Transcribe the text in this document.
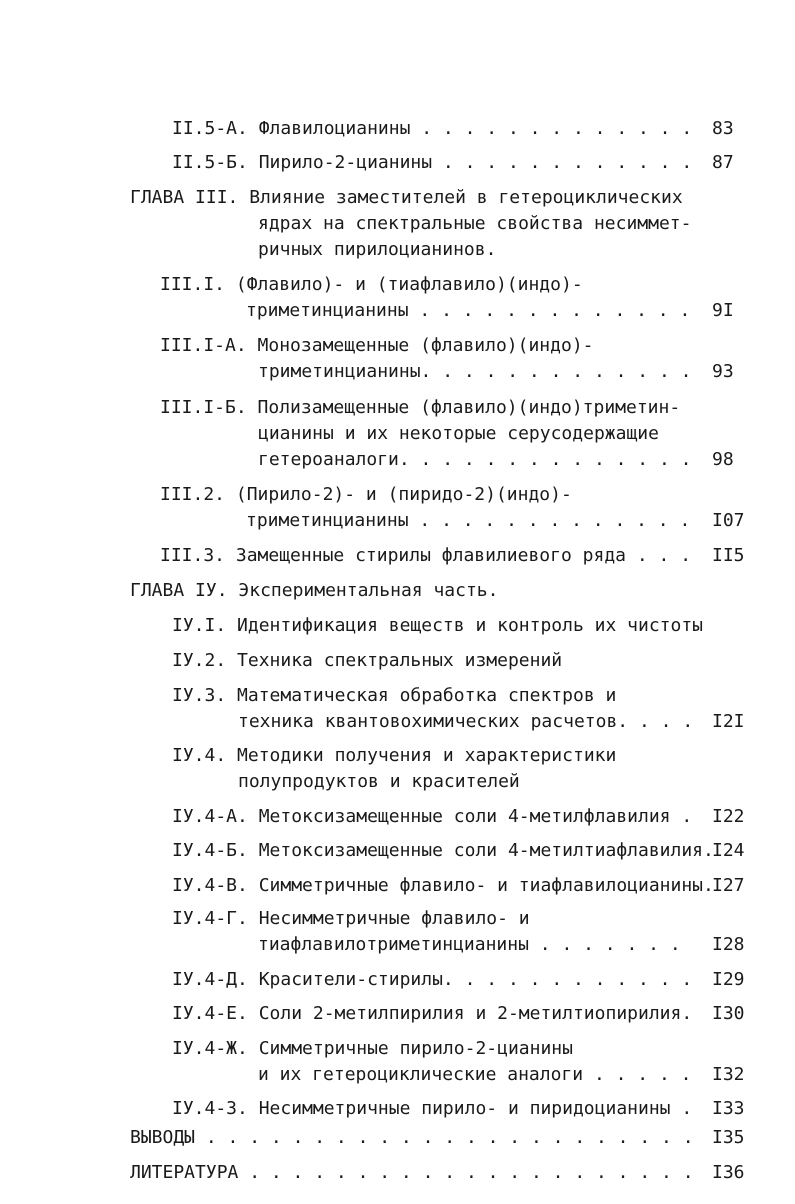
II.5-A. Флавилоцианины . . . . . . . . . . . . . 83
II.5-Б. Пирило-2-цианины . . . . . . . . . . . . 87
ГЛАВА III. Влияние заместителей в гетероциклических
ядрах на спектральные свойства несиммет-
ричных пирилоцианинов.
III.I. (Флавило)- и (тиафлавило)(индо)-
триметинцианины . . . . . . . . . . . . . 9I
III.I-A. Монозамещенные (флавило)(индо)-
триметинцианины. . . . . . . . . . . . . 93
III.I-Б. Полизамещенные (флавило)(индо)триметин-
цианины и их некоторые серусодержащие
гетероаналоги. . . . . . . . . . . . . . 98
III.2. (Пирило-2)- и (пиридо-2)(индо)-
триметинцианины . . . . . . . . . . . . . I07
III.3. Замещенные стирилы флавилиевого ряда . . . II5
ГЛАВА IУ. Экспериментальная часть.
IУ.I. Идентификация веществ и контроль их чистоты
IУ.2. Техника спектральных измерений
IУ.3. Математическая обработка спектров и
техника квантовохимических расчетов. . . . I2I
IУ.4. Методики получения и характеристики
полупродуктов и красителей
IУ.4-A. Метоксизамещенные соли 4-метилфлавилия . I22
IУ.4-Б. Метоксизамещенные соли 4-метилтиафлавилия.
I24
IУ.4-В. Симметричные флавило- и тиафлавилоцианины.
I27
IУ.4-Г. Несимметричные флавило- и
тиафлавилотриметинцианины . . . . . . . I28
IУ.4-Д. Красители-стирилы. . . . . . . . . . . . I29
IУ.4-Е. Соли 2-метилпирилия и 2-метилтиопирилия. I30
IУ.4-Ж. Симметричные пирило-2-цианины
и их гетероциклические аналоги . . . . . I32
IУ.4-З. Несимметричные пирило- и пиридоцианины . I33
ВЫВОДЫ . . . . . . . . . . . . . . . . . . . . . . . I35
ЛИТЕРАТУРА . . . . . . . . . . . . . . . . . . . . . I36
